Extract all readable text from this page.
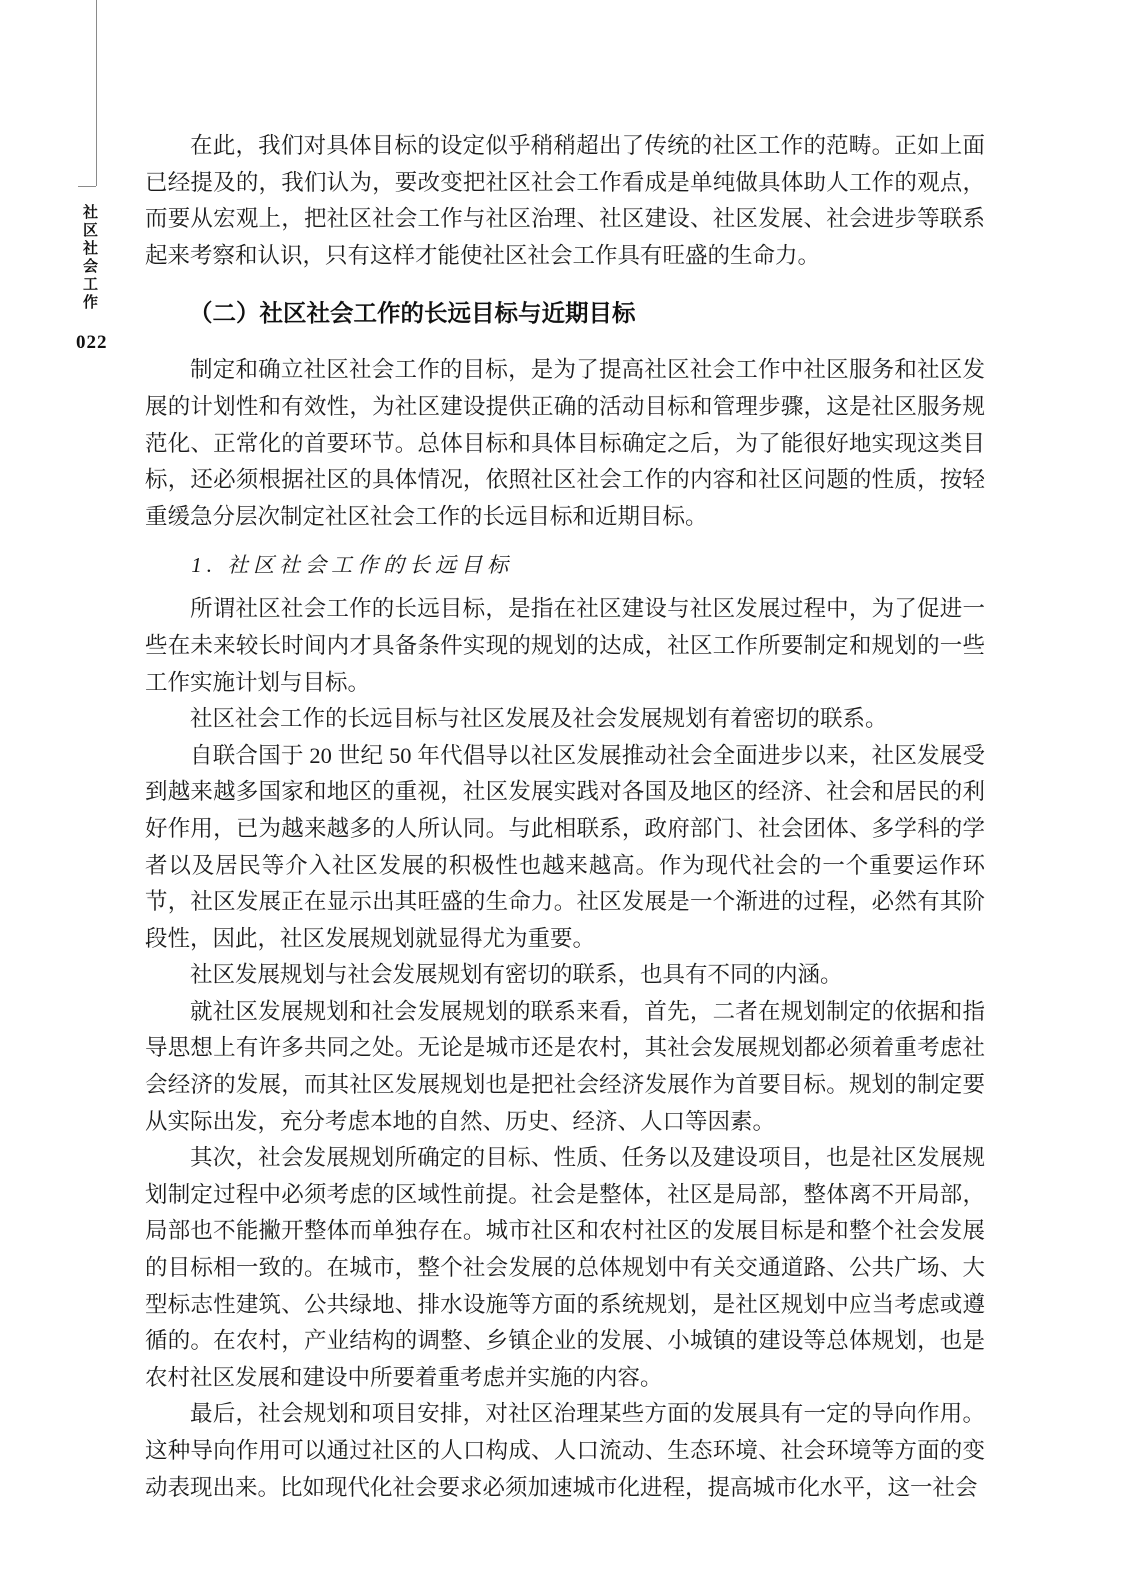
社区社会工作
022

在此，我们对具体目标的设定似乎稍稍超出了传统的社区工作的范畴。正如上面已经提及的，我们认为，要改变把社区社会工作看成是单纯做具体助人工作的观点，而要从宏观上，把社区社会工作与社区治理、社区建设、社区发展、社会进步等联系起来考察和认识，只有这样才能使社区社会工作具有旺盛的生命力。

（二）社区社会工作的长远目标与近期目标

制定和确立社区社会工作的目标，是为了提高社区社会工作中社区服务和社区发展的计划性和有效性，为社区建设提供正确的活动目标和管理步骤，这是社区服务规范化、正常化的首要环节。总体目标和具体目标确定之后，为了能很好地实现这类目标，还必须根据社区的具体情况，依照社区社会工作的内容和社区问题的性质，按轻重缓急分层次制定社区社会工作的长远目标和近期目标。

1. 社区社会工作的长远目标

所谓社区社会工作的长远目标，是指在社区建设与社区发展过程中，为了促进一些在未来较长时间内才具备条件实现的规划的达成，社区工作所要制定和规划的一些工作实施计划与目标。

社区社会工作的长远目标与社区发展及社会发展规划有着密切的联系。

自联合国于 20 世纪 50 年代倡导以社区发展推动社会全面进步以来，社区发展受到越来越多国家和地区的重视，社区发展实践对各国及地区的经济、社会和居民的利好作用，已为越来越多的人所认同。与此相联系，政府部门、社会团体、多学科的学者以及居民等介入社区发展的积极性也越来越高。作为现代社会的一个重要运作环节，社区发展正在显示出其旺盛的生命力。社区发展是一个渐进的过程，必然有其阶段性，因此，社区发展规划就显得尤为重要。

社区发展规划与社会发展规划有密切的联系，也具有不同的内涵。

就社区发展规划和社会发展规划的联系来看，首先，二者在规划制定的依据和指导思想上有许多共同之处。无论是城市还是农村，其社会发展规划都必须着重考虑社会经济的发展，而其社区发展规划也是把社会经济发展作为首要目标。规划的制定要从实际出发，充分考虑本地的自然、历史、经济、人口等因素。

其次，社会发展规划所确定的目标、性质、任务以及建设项目，也是社区发展规划制定过程中必须考虑的区域性前提。社会是整体，社区是局部，整体离不开局部，局部也不能撇开整体而单独存在。城市社区和农村社区的发展目标是和整个社会发展的目标相一致的。在城市，整个社会发展的总体规划中有关交通道路、公共广场、大型标志性建筑、公共绿地、排水设施等方面的系统规划，是社区规划中应当考虑或遵循的。在农村，产业结构的调整、乡镇企业的发展、小城镇的建设等总体规划，也是农村社区发展和建设中所要着重考虑并实施的内容。

最后，社会规划和项目安排，对社区治理某些方面的发展具有一定的导向作用。这种导向作用可以通过社区的人口构成、人口流动、生态环境、社会环境等方面的变动表现出来。比如现代化社会要求必须加速城市化进程，提高城市化水平，这一社会
